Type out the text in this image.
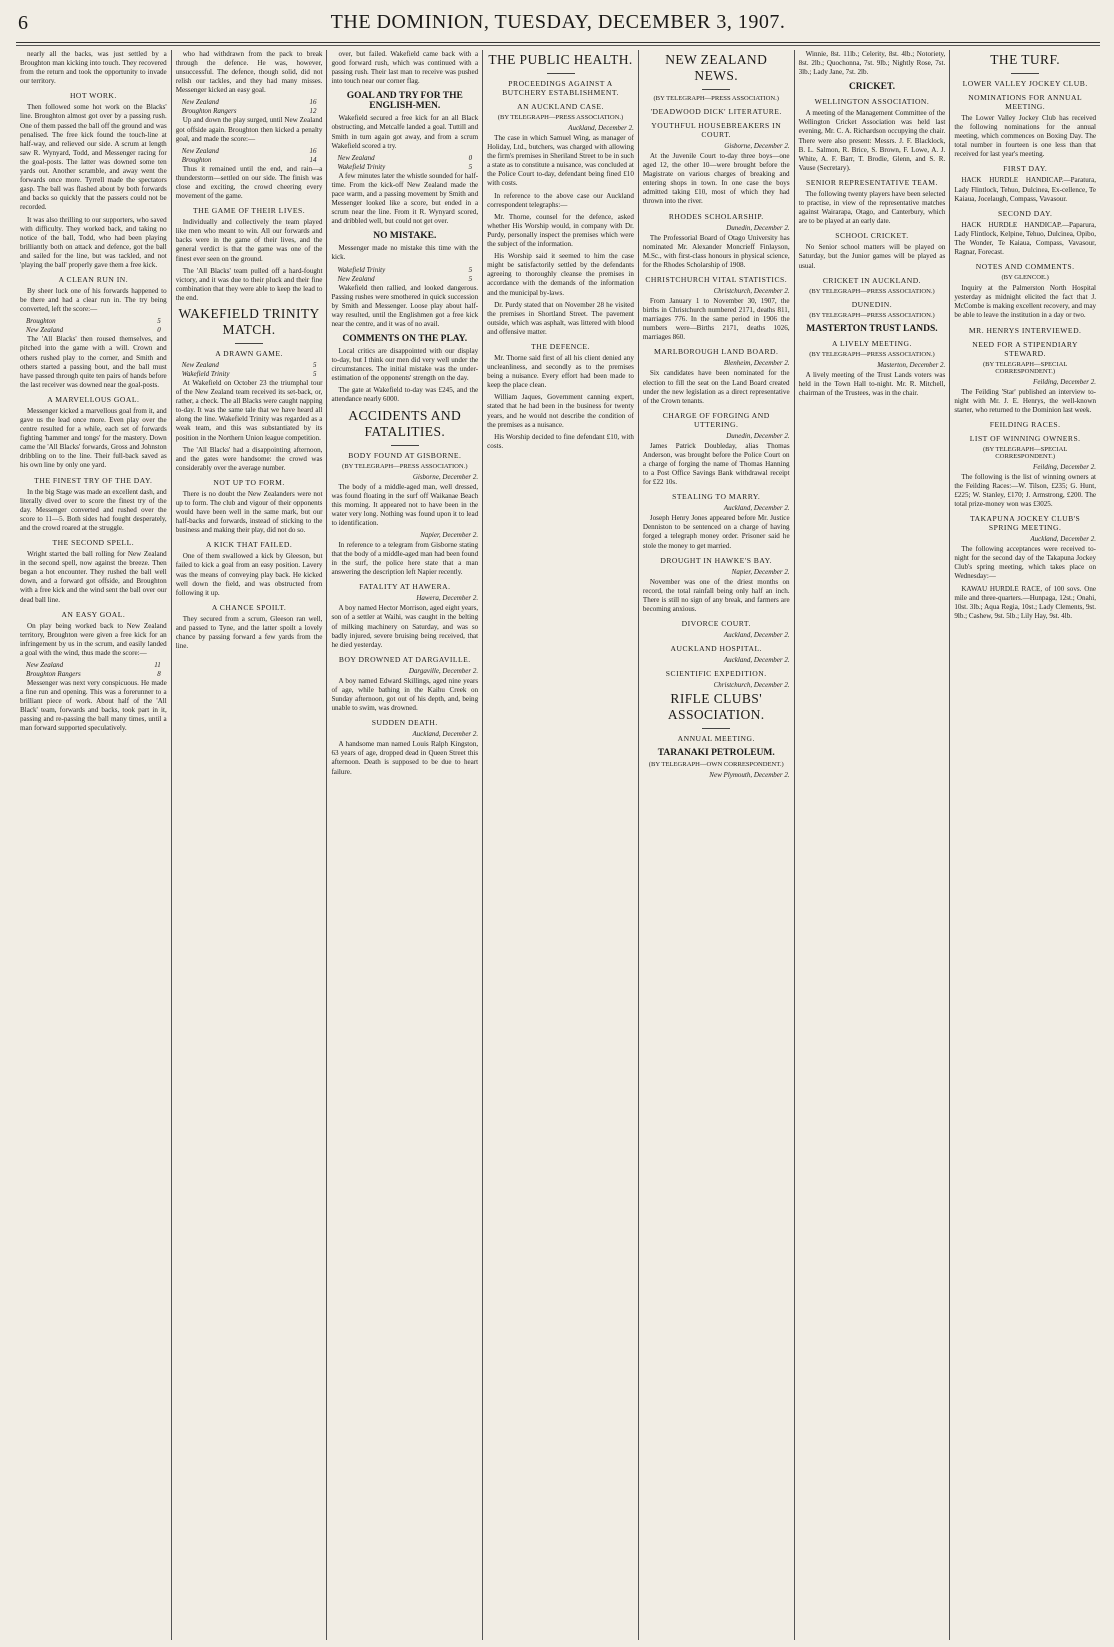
6	THE DOMINION, TUESDAY, DECEMBER 3, 1907.

nearly all the backs, was just settled by a Broughton man kicking into touch. They recovered from the return and took the opportunity to invade our territory.

HOT WORK.

Then followed some hot work on the Blacks' line. Broughton almost got over by a passing rush. One of them passed the ball off the ground and was penalised. The free kick found the touch-line at half-way, and relieved our side. A scrum at length saw R. Wynyard, Todd, and Messenger racing for the goal-posts. The latter was downed some ten yards out. Another scramble, and away went the forwards once more. Tyrrell made the spectators gasp. The ball was flashed about by both forwards and backs so quickly that the passers could not be recorded.

It was also thrilling to our supporters, who saved with difficulty. They worked back, and taking no notice of the ball, Todd, who had been playing brilliantly both on attack and defence, got the ball and sailed for the line, but was tackled, and not 'playing the ball' properly gave them a free kick.

A CLEAN RUN IN.

By sheer luck one of his forwards happened to be there and had a clear run in. The try being converted, left the score:—

Broughton	5
New Zealand	0

The 'All Blacks' then roused themselves, and pitched into the game with a will. Crown and others rushed play to the corner, and Smith and others started a passing bout, and the ball must have passed through quite ten pairs of hands before the last receiver was downed near the goal-posts.

A MARVELLOUS GOAL.

Messenger kicked a marvellous goal from it, and gave us the lead once more. Even play over the centre resulted for a while, each set of forwards fighting 'hammer and tongs' for the mastery. Down came the 'All Blacks' forwards, Gross and Johnston dribbling on to the line. Their full-back saved as his own line by only one yard.

THE FINEST TRY OF THE DAY.

In the big Stage was made an excellent dash, and literally dived over to score the finest try of the day. Messenger converted and rushed over the score to 11—5. Both sides had fought desperately, and the crowd roared at the struggle.

THE SECOND SPELL.

Wright started the ball rolling for New Zealand in the second spell, now against the breeze. Then began a hot encounter. They rushed the ball well down, and a forward got offside, and Broughton with a free kick and the wind sent the ball over our dead ball line.

AN EASY GOAL.

On play being worked back to New Zealand territory, Broughton were given a free kick for an infringement by us in the scrum, and easily landed a goal with the wind, thus made the score:—

New Zealand	11
Broughton Rangers	8

Messenger was next very conspicuous. He made a fine run and opening. This was a forerunner to a brilliant piece of work. About half of the 'All Black' team, forwards and backs, took part in it, passing and re-passing the ball many times, until a man forward supported speculatively.

who had withdrawn from the pack to break through the defence. He was, however, unsuccessful. The defence, though solid, did not relish our tackles, and they had many misses. Messenger kicked an easy goal.

New Zealand	16
Broughton Rangers	12

Up and down the play surged, until New Zealand got offside again. Broughton then kicked a penalty goal, and made the score:—

New Zealand	16
Broughton	14

Thus it remained until the end, and rain—a thunderstorm—settled on our side. The finish was close and exciting, the crowd cheering every movement of the game.

THE GAME OF THEIR LIVES.

Individually and collectively the team played like men who meant to win. All our forwards and backs were in the game of their lives, and the general verdict is that the game was one of the finest ever seen on the ground.

The 'All Blacks' team pulled off a hard-fought victory, and it was due to their pluck and their fine combination that they were able to keep the lead to the end.

WAKEFIELD TRINITY MATCH.
A DRAWN GAME.
New Zealand	5
Wakefield Trinity	5

At Wakefield on October 23 the triumphal tour of the New Zealand team received its set-back, or, rather, a check. The all Blacks were caught napping to-day. It was the same tale that we have heard all along the line. Wakefield Trinity was regarded as a weak team, and this was substantiated by its position in the Northern Union league competition.

The 'All Blacks' had a disappointing afternoon, and the gates were handsome: the crowd was considerably over the average number.

NOT UP TO FORM.

There is no doubt the New Zealanders were not up to form. The club and vigour of their opponents would have been well in the same mark, but our half-backs and forwards, instead of sticking to the business and making their play, did not do so.

A KICK THAT FAILED.

One of them swallowed a kick by Gleeson, but failed to kick a goal from an easy position. Lavery was the means of conveying play back. He kicked well down the field, and was obstructed from following it up.

A CHANCE SPOILT.

They secured from a scrum, Gleeson ran well, and passed to Tyne, and the latter spoilt a lovely chance by passing forward a few yards from the line.

over, but failed. Wakefield came back with a good forward rush, which was continued with a passing rush. Their last man to receive was pushed into touch near our corner flag.

GOAL AND TRY FOR THE ENGLISH-MEN.

Wakefield secured a free kick for an all Black obstructing, and Metcalfe landed a goal. Tuttill and Smith in turn again got away, and from a scrum Wakefield scored a try.

New Zealand	0
Wakefield Trinity	5

A few minutes later the whistle sounded for half-time. From the kick-off New Zealand made the pace warm, and a passing movement by Smith and Messenger looked like a score, but ended in a scrum near the line. From it R. Wynyard scored, and dribbled well, but could not get over.

NO MISTAKE.

Messenger made no mistake this time with the kick.

Wakefield Trinity	5
New Zealand	5

Wakefield then rallied, and looked dangerous. Passing rushes were smothered in quick succession by Smith and Messenger. Loose play about half-way resulted, until the Englishmen got a free kick near the centre, and it was of no avail.

COMMENTS ON THE PLAY.

Local critics are disappointed with our display to-day, but I think our men did very well under the circumstances. The initial mistake was the under-estimation of the opponents' strength on the day.

The gate at Wakefield to-day was £245, and the attendance nearly 6000.

ACCIDENTS AND FATALITIES.
BODY FOUND AT GISBORNE.
(BY TELEGRAPH—PRESS ASSOCIATION.)
Gisborne, December 2.

The body of a middle-aged man, well dressed, was found floating in the surf off Waikanae Beach this morning. It appeared not to have been in the water very long. Nothing was found upon it to lead to identification.

Napier, December 2.

In reference to a telegram from Gisborne stating that the body of a middle-aged man had been found in the surf, the police here state that a man answering the description left Napier recently.

FATALITY AT HAWERA.
Hawera, December 2.

A boy named Hector Morrison, aged eight years, son of a settler at Waihi, was caught in the belting of milking machinery on Saturday, and was so badly injured, severe bruising being received, that he died yesterday.

BOY DROWNED AT DARGAVILLE.
Dargaville, December 2.

A boy named Edward Skillings, aged nine years of age, while bathing in the Kaihu Creek on Sunday afternoon, got out of his depth, and, being unable to swim, was drowned.

SUDDEN DEATH.
Auckland, December 2.

A handsome man named Louis Ralph Kingston, 63 years of age, dropped dead in Queen Street this afternoon. Death is supposed to be due to heart failure.

THE PUBLIC HEALTH.
PROCEEDINGS AGAINST A BUTCHERY ESTABLISHMENT.
AN AUCKLAND CASE.
(BY TELEGRAPH—PRESS ASSOCIATION.)
Auckland, December 2.

The case in which Samuel Wing, as manager of Holiday, Ltd., butchers, was charged with allowing the firm's premises in Sheriland Street to be in such a state as to constitute a nuisance, was concluded at the Police Court to-day, defendant being fined £10 with costs.

In reference to the above case our Auckland correspondent telegraphs:—

Mr. Thorne, counsel for the defence, asked whether His Worship would, in company with Dr. Purdy, personally inspect the premises which were the subject of the information.

His Worship said it seemed to him the case might be satisfactorily settled by the defendants agreeing to thoroughly cleanse the premises in accordance with the demands of the information and the municipal by-laws.

Dr. Purdy stated that on November 28 he visited the premises in Shortland Street. The pavement outside, which was asphalt, was littered with blood and offensive matter.

THE DEFENCE.

Mr. Thorne said first of all his client denied any uncleanliness, and secondly as to the premises being a nuisance. Every effort had been made to keep the place clean.

William Jaques, Government canning expert, stated that he had been in the business for twenty years, and he would not describe the condition of the premises as a nuisance.

His Worship decided to fine defendant £10, with costs.

NEW ZEALAND NEWS.
(BY TELEGRAPH—PRESS ASSOCIATION.)
'DEADWOOD DICK' LITERATURE.
YOUTHFUL HOUSEBREAKERS IN COURT.
Gisborne, December 2.

At the Juvenile Court to-day three boys—one aged 12, the other 10—were brought before the Magistrate on various charges of breaking and entering shops in town. In one case the boys admitted taking £10, most of which they had thrown into the river.

RHODES SCHOLARSHIP.
Dunedin, December 2.

The Professorial Board of Otago University has nominated Mr. Alexander Moncrieff Finlayson, M.Sc., with first-class honours in physical science, for the Rhodes Scholarship of 1908.

CHRISTCHURCH VITAL STATISTICS.
Christchurch, December 2.

From January 1 to November 30, 1907, the births in Christchurch numbered 2171, deaths 811, marriages 776. In the same period in 1906 the numbers were—Births 2171, deaths 1026, marriages 860.

MARLBOROUGH LAND BOARD.
Blenheim, December 2.

Six candidates have been nominated for the election to fill the seat on the Land Board created under the new legislation as a direct representative of the Crown tenants.

CHARGE OF FORGING AND UTTERING.
Dunedin, December 2.

James Patrick Doubleday, alias Thomas Anderson, was brought before the Police Court on a charge of forging the name of Thomas Hanning to a Post Office Savings Bank withdrawal receipt for £22 10s.

STEALING TO MARRY.
Auckland, December 2.

Joseph Henry Jones appeared before Mr. Justice Denniston to be sentenced on a charge of having forged a telegraph money order. Prisoner said he stole the money to get married.

DROUGHT IN HAWKE'S BAY.
Napier, December 2.

November was one of the driest months on record, the total rainfall being only half an inch. There is still no sign of any break, and farmers are becoming anxious.

DIVORCE COURT.
Auckland, December 2.
AUCKLAND HOSPITAL.
Auckland, December 2.
SCIENTIFIC EXPEDITION.
Christchurch, December 2.
RIFLE CLUBS' ASSOCIATION.
ANNUAL MEETING.
TARANAKI PETROLEUM.
(BY TELEGRAPH—OWN CORRESPONDENT.)
New Plymouth, December 2.

Winnie, 8st. 11lb.; Celerity, 8st. 4lb.; Notoriety, 8st. 2lb.; Quochonna, 7st. 9lb.; Nightly Rose, 7st. 3lb.; Lady Jane, 7st. 2lb.

CRICKET.
WELLINGTON ASSOCIATION.

A meeting of the Management Committee of the Wellington Cricket Association was held last evening, Mr. C. A. Richardson occupying the chair. There were also present: Messrs. J. F. Blacklock, B. L. Salmon, R. Brice, S. Brown, F. Lowe, A. J. White, A. F. Barr, T. Brodie, Glenn, and S. R. Vause (Secretary).

SENIOR REPRESENTATIVE TEAM.

The following twenty players have been selected to practise, in view of the representative matches against Wairarapa, Otago, and Canterbury, which are to be played at an early date.

SCHOOL CRICKET.

No Senior school matters will be played on Saturday, but the Junior games will be played as usual.

CRICKET IN AUCKLAND.
(BY TELEGRAPH—PRESS ASSOCIATION.)
DUNEDIN.
(BY TELEGRAPH—PRESS ASSOCIATION.)
MASTERTON TRUST LANDS.
A LIVELY MEETING.
(BY TELEGRAPH—PRESS ASSOCIATION.)
Masterton, December 2.

A lively meeting of the Trust Lands voters was held in the Town Hall to-night. Mr. R. Mitchell, chairman of the Trustees, was in the chair.

THE TURF.
LOWER VALLEY JOCKEY CLUB.
NOMINATIONS FOR ANNUAL MEETING.

The Lower Valley Jockey Club has received the following nominations for the annual meeting, which commences on Boxing Day. The total number in fourteen is one less than that received for last year's meeting.

FIRST DAY.

HACK HURDLE HANDICAP.—Paratura, Lady Flintlock, Tehuo, Dulcinea, Ex-cellence, Te Kaiaua, Jocelaugh, Compass, Vavasour.

SECOND DAY.

HACK HURDLE HANDICAP.—Paparura, Lady Flintlock, Kelpine, Tehuo, Dulcinea, Opibo, The Wonder, Te Kaiaua, Compass, Vavasour, Ragnar, Forecast.

NOTES AND COMMENTS.
(BY GLENCOE.)

Inquiry at the Palmerston North Hospital yesterday as midnight elicited the fact that J. McCombe is making excellent recovery, and may be able to leave the institution in a day or two.

MR. HENRYS INTERVIEWED.
NEED FOR A STIPENDIARY STEWARD.
(BY TELEGRAPH—SPECIAL CORRESPONDENT.)
Feilding, December 2.

The Feilding 'Star' published an interview to-night with Mr. J. E. Henrys, the well-known starter, who returned to the Dominion last week.

FEILDING RACES.
LIST OF WINNING OWNERS.
(BY TELEGRAPH—SPECIAL CORRESPONDENT.)
Feilding, December 2.

The following is the list of winning owners at the Feilding Races:—W. Tilson, £235; G. Hunt, £225; W. Stanley, £170; J. Armstrong, £200. The total prize-money won was £3025.

TAKAPUNA JOCKEY CLUB'S SPRING MEETING.
Auckland, December 2.

The following acceptances were received to-night for the second day of the Takapuna Jockey Club's spring meeting, which takes place on Wednesday:—

KAWAU HURDLE RACE, of 100 sovs. One mile and three-quarters.—Hunpaga, 12st.; Onahi, 10st. 3lb.; Aqua Regia, 10st.; Lady Clements, 9st. 9lb.; Cashew, 9st. 5lb.; Lily Hay, 9st. 4lb.
